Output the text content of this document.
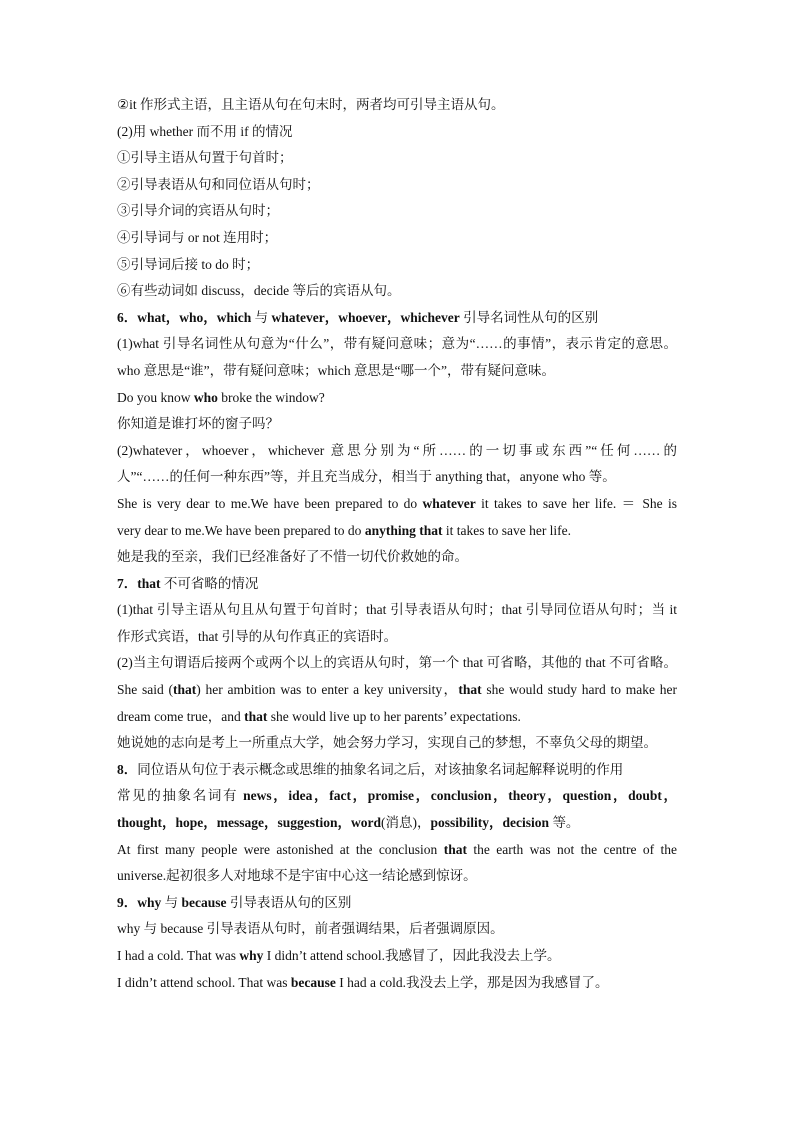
②it 作形式主语，且主语从句在句末时，两者均可引导主语从句。
(2)用 whether 而不用 if 的情况
①引导主语从句置于句首时；
②引导表语从句和同位语从句时；
③引导介词的宾语从句时；
④引导词与 or not 连用时；
⑤引导词后接 to do 时；
⑥有些动词如 discuss，decide 等后的宾语从句。
6．what，who，which 与 whatever，whoever，whichever 引导名词性从句的区别
(1)what 引导名词性从句意为“什么”，带有疑问意味；意为“……的事情”，表示肯定的意思。
who 意思是“谁”，带有疑问意味；which 意思是“哪一个”，带有疑问意味。
Do you know who broke the window?
你知道是谁打坏的窗子吗？
(2)whatever，whoever，whichever 意思分别为“所……的一切事或东西”“任何……的
人”“……的任何一种东西”等，并且充当成分，相当于 anything that，anyone who 等。
She is very dear to me.We have been prepared to do whatever it takes to save her life. ＝ She is
very dear to me.We have been prepared to do anything that it takes to save her life.
她是我的至亲，我们已经准备好了不惜一切代价救她的命。
7．that 不可省略的情况
(1)that 引导主语从句且从句置于句首时；that 引导表语从句时；that 引导同位语从句时；当 it
作形式宾语，that 引导的从句作真正的宾语时。
(2)当主句谓语后接两个或两个以上的宾语从句时，第一个 that 可省略，其他的 that 不可省略。
She said (that) her ambition was to enter a key university，that she would study hard to make her
dream come true，and that she would live up to her parents’ expectations.
她说她的志向是考上一所重点大学，她会努力学习，实现自己的梦想，不辜负父母的期望。
8．同位语从句位于表示概念或思维的抽象名词之后，对该抽象名词起解释说明的作用
常见的抽象名词有 news，idea，fact，promise，conclusion，theory，question，doubt，
thought，hope，message，suggestion，word(消息)，possibility，decision 等。
At first many people were astonished at the conclusion that the earth was not the centre of the
universe.起初很多人对地球不是宇宙中心这一结论感到惊讶。
9．why 与 because 引导表语从句的区别
why 与 because 引导表语从句时，前者强调结果，后者强调原因。
I had a cold. That was why I didn’t attend school.我感冒了，因此我没去上学。
I didn’t attend school. That was because I had a cold.我没去上学，那是因为我感冒了。
